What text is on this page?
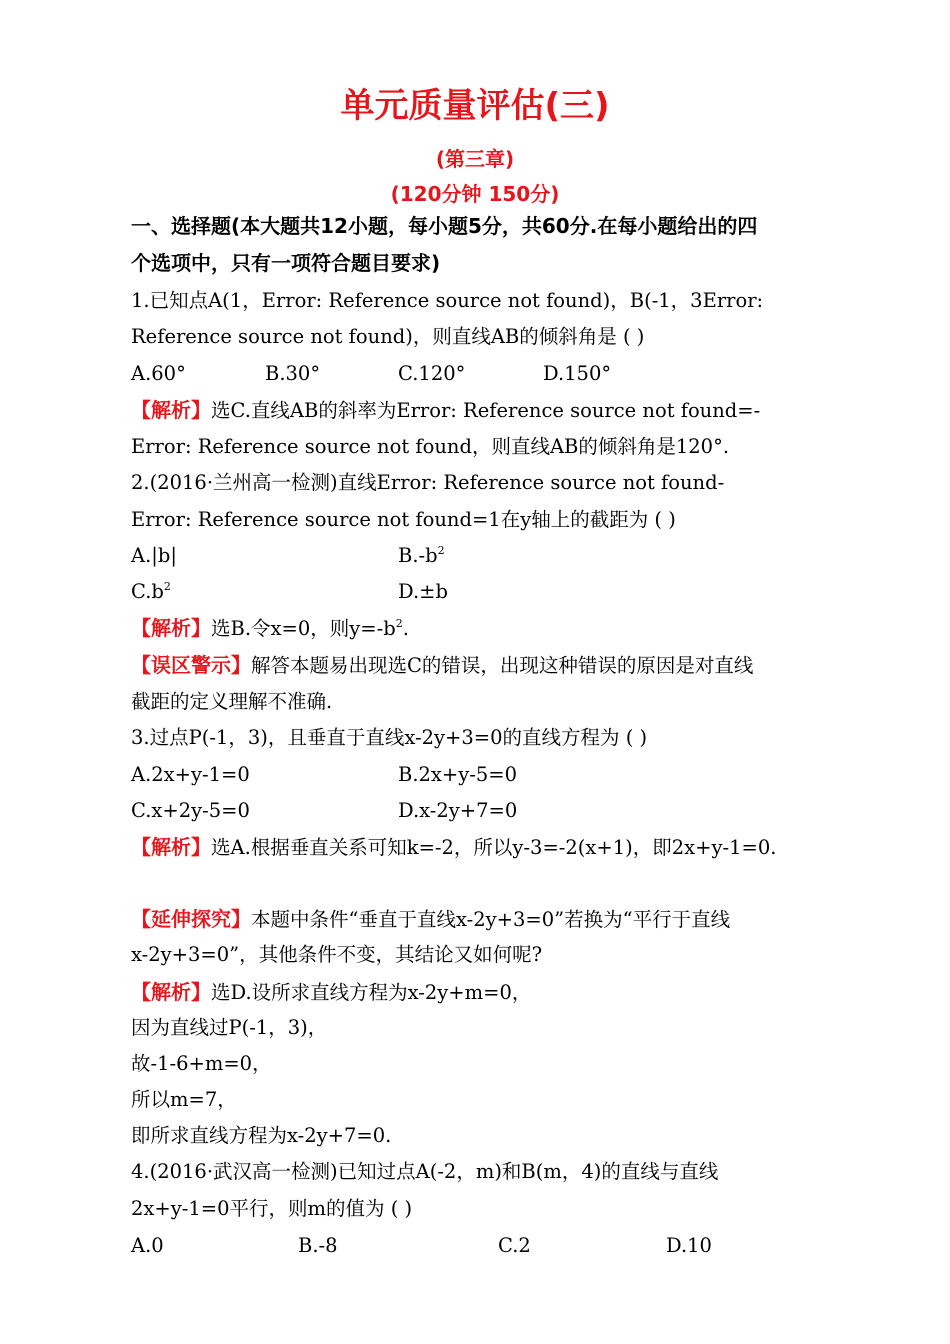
单元质量评估(三)
(第三章)
(120分钟 150分)
一、选择题(本大题共12小题，每小题5分，共60分.在每小题给出的四
个选项中，只有一项符合题目要求)
1.已知点A(1，Error: Reference source not found)，B(-1，3Error:
Reference source not found)，则直线AB的倾斜角是 ( )
A.60°	B.30°	C.120°	D.150°
【解析】选C.直线AB的斜率为Error: Reference source not found=-
Error: Reference source not found，则直线AB的倾斜角是120°.
2.(2016·兰州高一检测)直线Error: Reference source not found-
Error: Reference source not found=1在y轴上的截距为 ( )
A.|b|	$B.-b^2$
$C.b^2$	D.±b
【解析】选B.令x=0，则$y=-b^2$.
【误区警示】解答本题易出现选C的错误，出现这种错误的原因是对直线
截距的定义理解不准确.
3.过点P(-1，3)，且垂直于直线x-2y+3=0的直线方程为 ( )
A.2x+y-1=0	B.2x+y-5=0
C.x+2y-5=0	D.x-2y+7=0
【解析】选A.根据垂直关系可知k=-2，所以y-3=-2(x+1)，即2x+y-1=0.
【延伸探究】本题中条件“垂直于直线x-2y+3=0”若换为“平行于直线
x-2y+3=0”，其他条件不变，其结论又如何呢?
【解析】选D.设所求直线方程为x-2y+m=0，
因为直线过P(-1，3)，
故-1-6+m=0，
所以m=7，
即所求直线方程为x-2y+7=0.
4.(2016·武汉高一检测)已知过点A(-2，m)和B(m，4)的直线与直线
2x+y-1=0平行，则m的值为 ( )
A.0	B.-8	C.2	D.10
